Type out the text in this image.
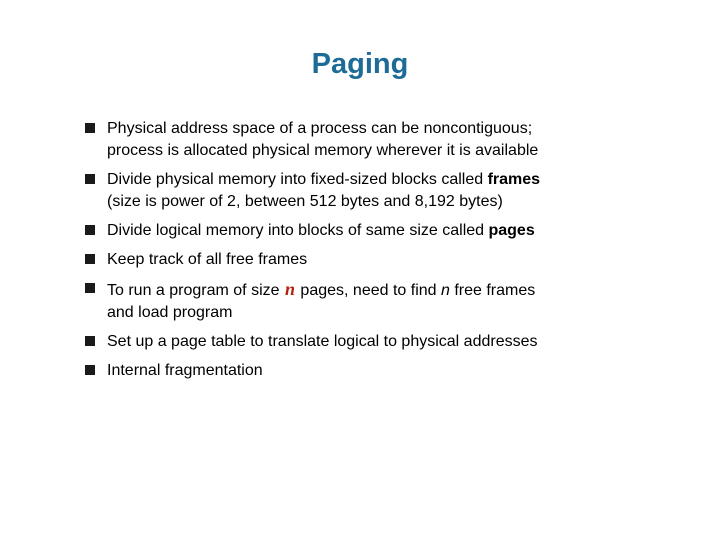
Paging
Physical address space of a process can be noncontiguous;
process is allocated physical memory wherever it is available
Divide physical memory into fixed-sized blocks called frames
(size is power of 2, between 512 bytes and 8,192 bytes)
Divide logical memory into blocks of same size called pages
Keep track of all free frames
To run a program of size n pages, need to find n free frames
and load program
Set up a page table to translate logical to physical addresses
Internal fragmentation
